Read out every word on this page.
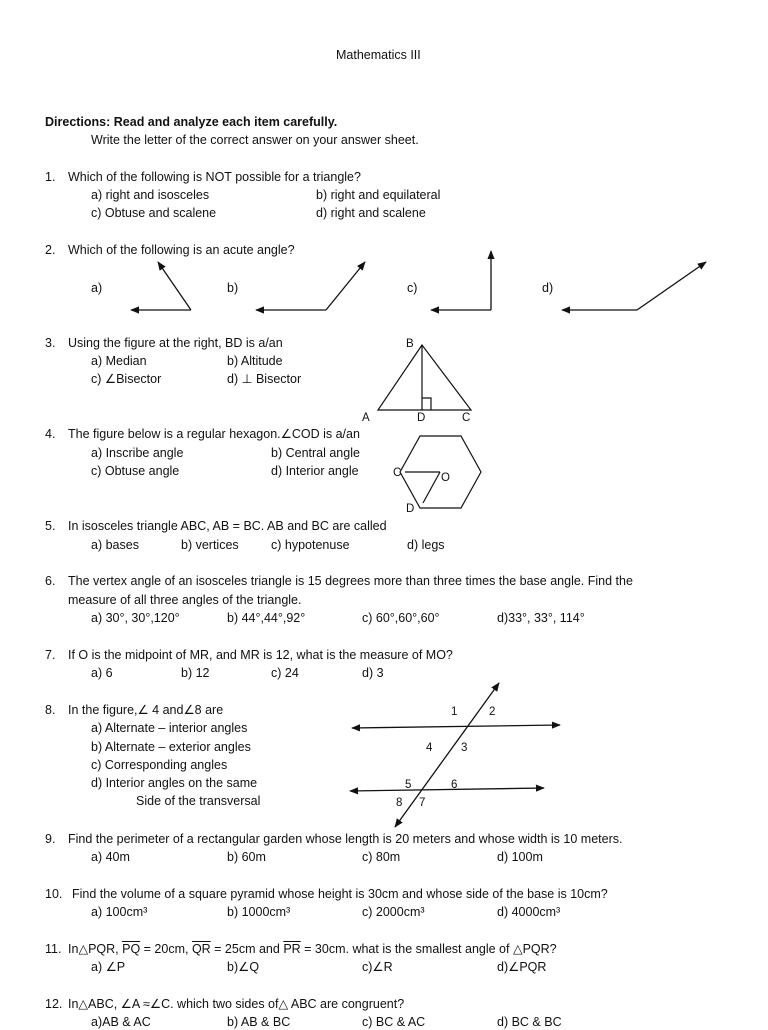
Mathematics III
Directions: Read and analyze each item carefully.
Write the letter of the correct answer on your answer sheet.
1. Which of the following is NOT possible for a triangle?
a) right and isosceles	b) right and equilateral
c) Obtuse and scalene	d) right and scalene
2. Which of the following is an acute angle?
a)	b)	c)	d)
3. Using the figure at the right, BD is a/an
a) Median	b) Altitude
c) ∠Bisector	d) ⊥ Bisector
4. The figure below is a regular hexagon.∠COD is a/an
a) Inscribe angle	b) Central angle
c) Obtuse angle	d) Interior angle
5. In isosceles triangle ABC, AB = BC. AB and BC are called
a) bases	b) vertices	c) hypotenuse	d) legs
6. The vertex angle of an isosceles triangle is 15 degrees more than three times the base angle. Find the
measure of all three angles of the triangle.
a) 30°, 30°,120°	b) 44°,44°,92°	c) 60°,60°,60°	d)33°, 33°, 114°
7. If O is the midpoint of MR, and MR is 12, what is the measure of MO?
a) 6	b) 12	c) 24	d) 3
8. In the figure,∠ 4 and∠8 are
a) Alternate – interior angles
b) Alternate – exterior angles
c) Corresponding angles
d) Interior angles on the same
Side of the transversal
9. Find the perimeter of a rectangular garden whose length is 20 meters and whose width is 10 meters.
a) 40m	b) 60m	c) 80m	d) 100m
10. Find the volume of a square pyramid whose height is 30cm and whose side of the base is 10cm?
a) 100cm³	b) 1000cm³	c) 2000cm³	d) 4000cm³
11. In△PQR, $\overline{PQ} = 20cm$, $\overline{QR} = 25cm$ and $\overline{PR} = 30cm$. what is the smallest angle of △PQR?
a) ∠P	b)∠Q	c)∠R	d)∠PQR
12. In△ABC, ∠A ≈∠C. which two sides of△ ABC are congruent?
a)AB & AC	b) AB & BC	c) BC & AC	d) BC & BC
B
A	D	C
C	O
D
1	2
4 3
5	6
8 7
